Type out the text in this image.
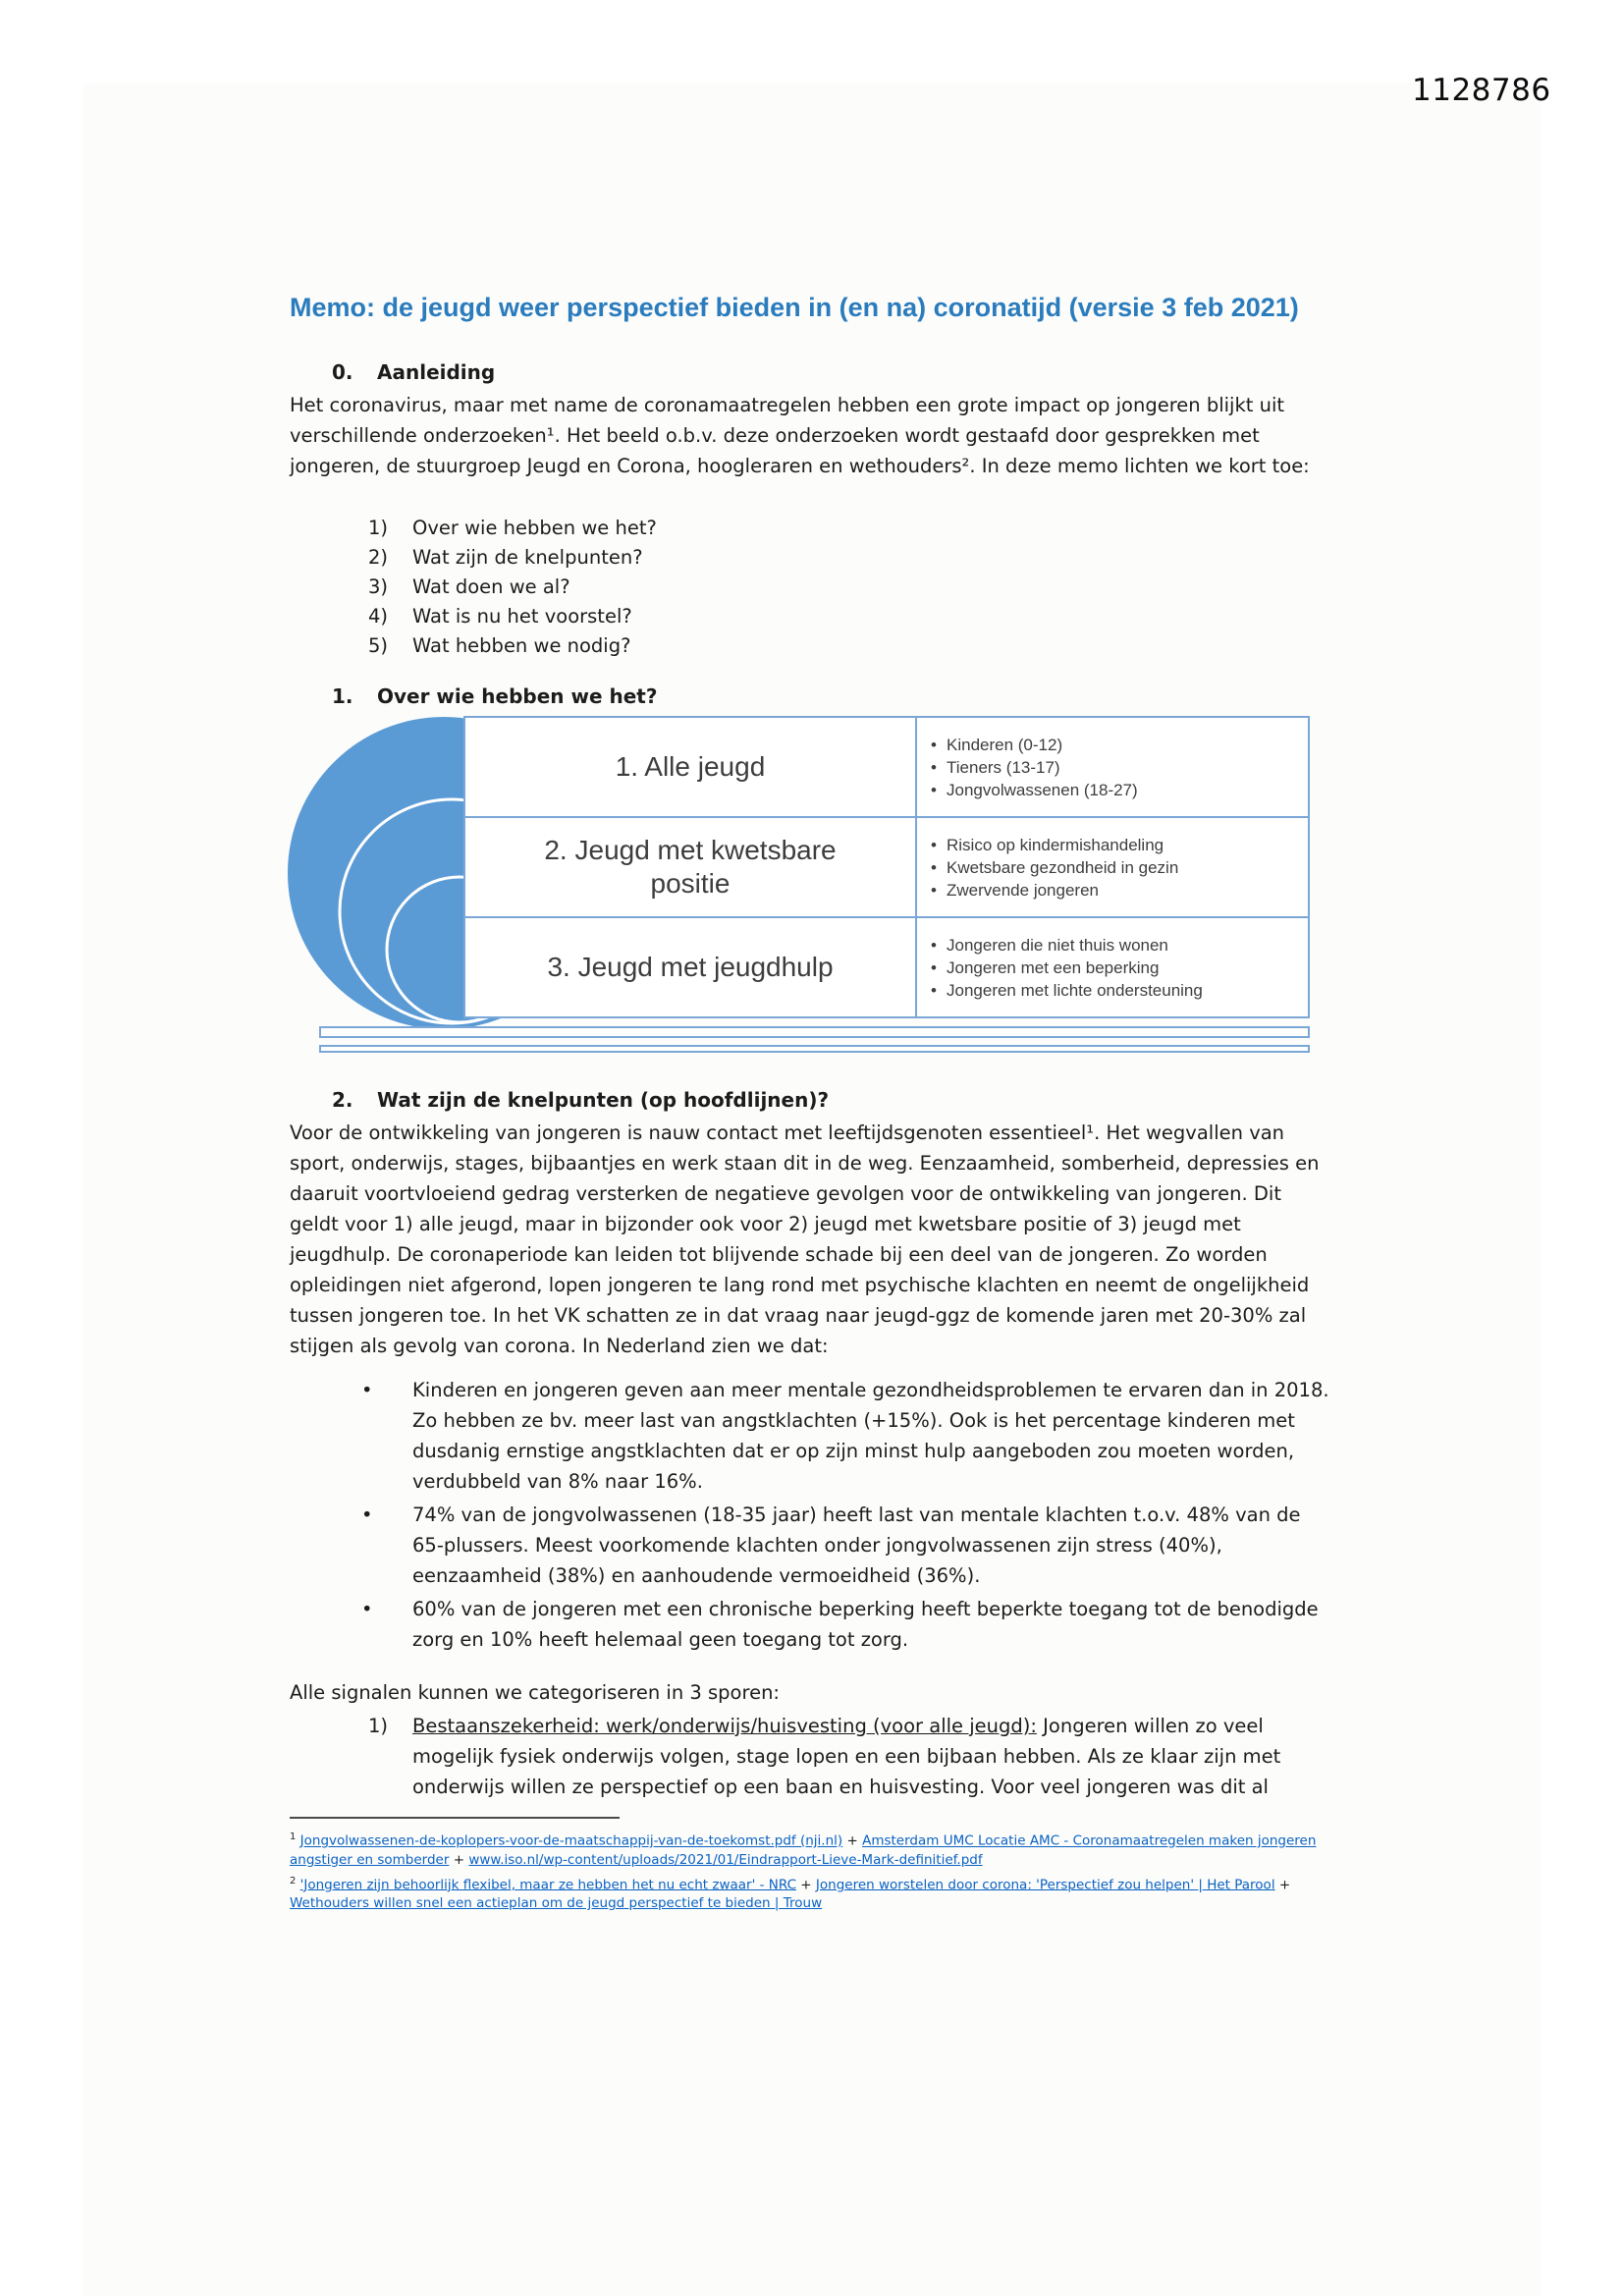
1128786
Memo: de jeugd weer perspectief bieden in (en na) coronatijd (versie 3 feb 2021)
0.	Aanleiding
Het coronavirus, maar met name de coronamaatregelen hebben een grote impact op jongeren blijkt uit verschillende onderzoeken¹. Het beeld o.b.v. deze onderzoeken wordt gestaafd door gesprekken met jongeren, de stuurgroep Jeugd en Corona, hoogleraren en wethouders². In deze memo lichten we kort toe:
1)	Over wie hebben we het?
2)	Wat zijn de knelpunten?
3)	Wat doen we al?
4)	Wat is nu het voorstel?
5)	Wat hebben we nodig?
1.	Over wie hebben we het?
1. Alle jeugd
• Kinderen (0-12)
• Tieners (13-17)
• Jongvolwassenen (18-27)
2. Jeugd met kwetsbare positie
• Risico op kindermishandeling
• Kwetsbare gezondheid in gezin
• Zwervende jongeren
3. Jeugd met jeugdhulp
• Jongeren die niet thuis wonen
• Jongeren met een beperking
• Jongeren met lichte ondersteuning
2.	Wat zijn de knelpunten (op hoofdlijnen)?
Voor de ontwikkeling van jongeren is nauw contact met leeftijdsgenoten essentieel¹. Het wegvallen van sport, onderwijs, stages, bijbaantjes en werk staan dit in de weg. Eenzaamheid, somberheid, depressies en daaruit voortvloeiend gedrag versterken de negatieve gevolgen voor de ontwikkeling van jongeren. Dit geldt voor 1) alle jeugd, maar in bijzonder ook voor 2) jeugd met kwetsbare positie of 3) jeugd met jeugdhulp. De coronaperiode kan leiden tot blijvende schade bij een deel van de jongeren. Zo worden opleidingen niet afgerond, lopen jongeren te lang rond met psychische klachten en neemt de ongelijkheid tussen jongeren toe. In het VK schatten ze in dat vraag naar jeugd-ggz de komende jaren met 20-30% zal stijgen als gevolg van corona. In Nederland zien we dat:
•	Kinderen en jongeren geven aan meer mentale gezondheidsproblemen te ervaren dan in 2018. Zo hebben ze bv. meer last van angstklachten (+15%). Ook is het percentage kinderen met dusdanig ernstige angstklachten dat er op zijn minst hulp aangeboden zou moeten worden, verdubbeld van 8% naar 16%.
•	74% van de jongvolwassenen (18-35 jaar) heeft last van mentale klachten t.o.v. 48% van de 65-plussers. Meest voorkomende klachten onder jongvolwassenen zijn stress (40%), eenzaamheid (38%) en aanhoudende vermoeidheid (36%).
•	60% van de jongeren met een chronische beperking heeft beperkte toegang tot de benodigde zorg en 10% heeft helemaal geen toegang tot zorg.
Alle signalen kunnen we categoriseren in 3 sporen:
1)	Bestaanszekerheid: werk/onderwijs/huisvesting (voor alle jeugd): Jongeren willen zo veel mogelijk fysiek onderwijs volgen, stage lopen en een bijbaan hebben. Als ze klaar zijn met onderwijs willen ze perspectief op een baan en huisvesting. Voor veel jongeren was dit al

$^1$ Jongvolwassenen-de-koplopers-voor-de-maatschappij-van-de-toekomst.pdf (nji.nl) + Amsterdam UMC Locatie AMC - Coronamaatregelen maken jongeren angstiger en somberder + www.iso.nl/wp-content/uploads/2021/01/Eindrapport-Lieve-Mark-definitief.pdf

$^2$ 'Jongeren zijn behoorlijk flexibel, maar ze hebben het nu echt zwaar' - NRC + Jongeren worstelen door corona: 'Perspectief zou helpen' | Het Parool + Wethouders willen snel een actieplan om de jeugd perspectief te bieden | Trouw
